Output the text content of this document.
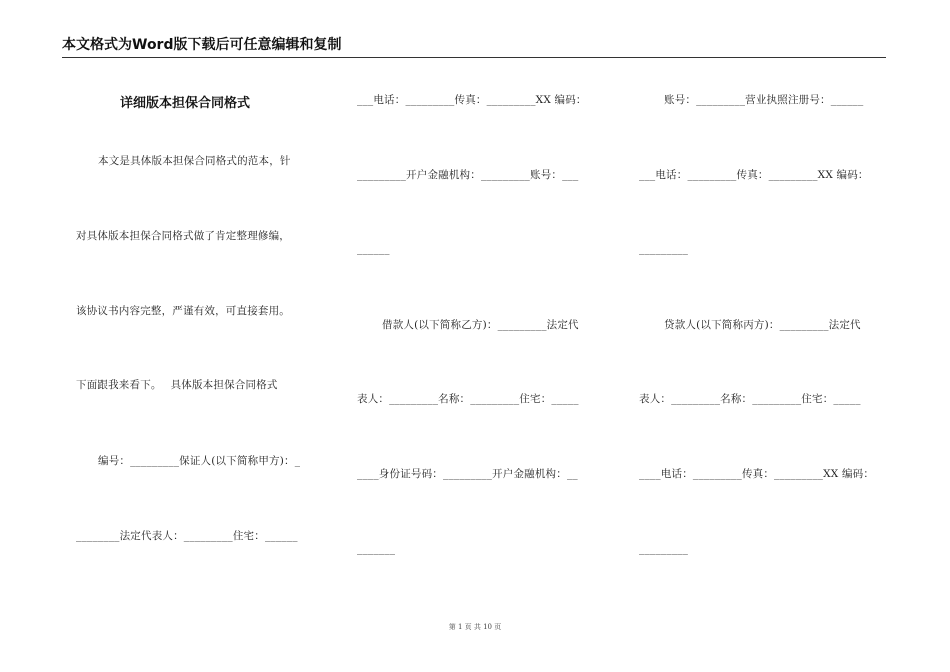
本文格式为Word版下载后可任意编辑和复制
详细版本担保合同格式
本文是具体版本担保合同格式的范本，针
对具体版本担保合同格式做了肯定整理修编，
该协议书内容完整，严谨有效，可直接套用。
下面跟我来看下。　 具体版本担保合同格式
编号：_________保证人(以下简称甲方)：_
________法定代表人：_________住宅：______
___电话：_________传真：_________XX 编码：
_________开户金融机构：_________账号：___
______
借款人(以下简称乙方)：_________法定代
表人：_________名称：_________住宅：_____
____身份证号码：_________开户金融机构：__
_______
账号：_________营业执照注册号：______
___电话：_________传真：_________XX 编码：
_________
贷款人(以下简称丙方)：_________法定代
表人：_________名称：_________住宅：_____
____电话：_________传真：_________XX 编码：
_________
第 1 页 共 10 页
